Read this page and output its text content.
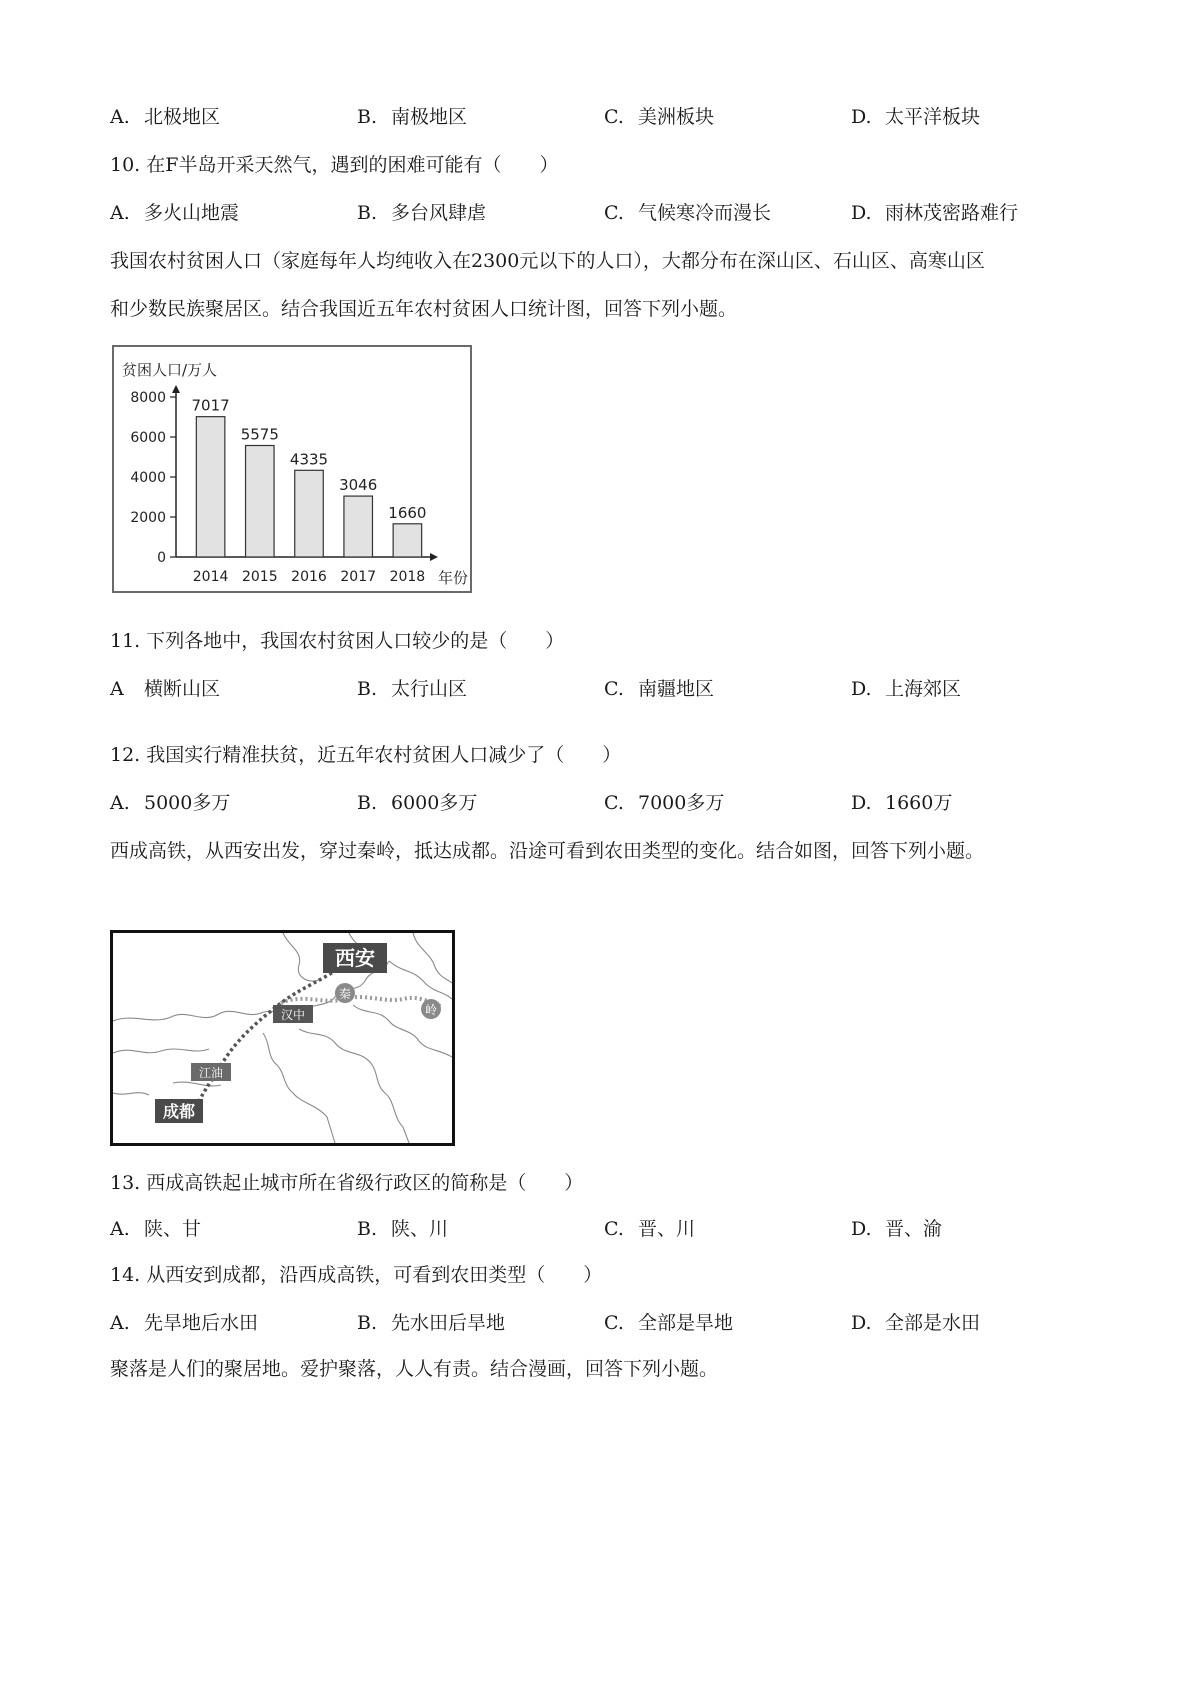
A. 北极地区	B. 南极地区	C. 美洲板块	D. 太平洋板块
10. 在F半岛开采天然气，遇到的困难可能有（　　）
A. 多火山地震	B. 多台风肆虐	C. 气候寒冷而漫长	D. 雨林茂密路难行
我国农村贫困人口（家庭每年人均纯收入在2300元以下的人口），大都分布在深山区、石山区、高寒山区
和少数民族聚居区。结合我国近五年农村贫困人口统计图，回答下列小题。
贫困人口/万人
年份
8000
6000
4000
2000
0
7017
2014
5575
2015
4335
2016
3046
2017
1660
2018
11. 下列各地中，我国农村贫困人口较少的是（　　）
A 横断山区	B. 太行山区	C. 南疆地区	D. 上海郊区
12. 我国实行精准扶贫，近五年农村贫困人口减少了（　　）
A. 5000多万	B. 6000多万	C. 7000多万	D. 1660万
西成高铁，从西安出发，穿过秦岭，抵达成都。沿途可看到农田类型的变化。结合如图，回答下列小题。
西安
汉中
江油
成都
秦
岭
13. 西成高铁起止城市所在省级行政区的简称是（　　）
A. 陕、甘	B. 陕、川	C. 晋、川	D. 晋、渝
14. 从西安到成都，沿西成高铁，可看到农田类型（　　）
A. 先旱地后水田	B. 先水田后旱地	C. 全部是旱地	D. 全部是水田
聚落是人们的聚居地。爱护聚落，人人有责。结合漫画，回答下列小题。
